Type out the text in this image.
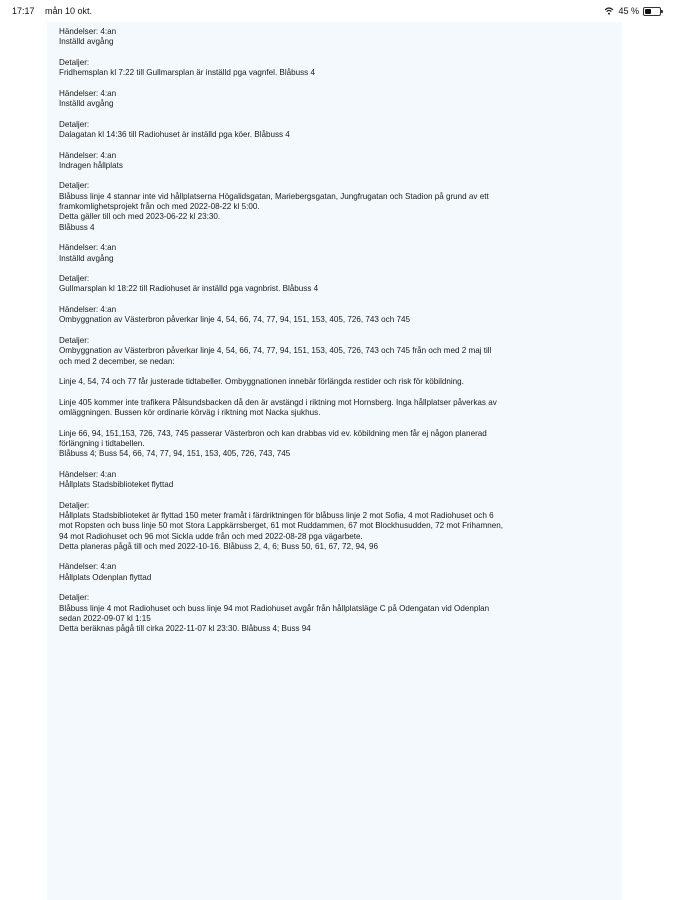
17:17 mån 10 okt.	45 %
Händelser: 4:an
Inställd avgång
Detaljer:
Fridhemsplan kl 7:22 till Gullmarsplan är inställd pga vagnfel. Blåbuss 4
Händelser: 4:an
Inställd avgång
Detaljer:
Dalagatan kl 14:36 till Radiohuset är inställd pga köer. Blåbuss 4
Händelser: 4:an
Indragen hållplats
Detaljer:
Blåbuss linje 4 stannar inte vid hållplatserna Högalidsgatan, Mariebergsgatan, Jungfrugatan och Stadion på grund av ett
framkomlighetsprojekt från och med 2022-08-22 kl 5:00.
Detta gäller till och med 2023-06-22 kl 23:30.
Blåbuss 4
Händelser: 4:an
Inställd avgång
Detaljer:
Gullmarsplan kl 18:22 till Radiohuset är inställd pga vagnbrist. Blåbuss 4
Händelser: 4:an
Ombyggnation av Västerbron påverkar linje 4, 54, 66, 74, 77, 94, 151, 153, 405, 726, 743 och 745
Detaljer:
Ombyggnation av Västerbron påverkar linje 4, 54, 66, 74, 77, 94, 151, 153, 405, 726, 743 och 745 från och med 2 maj till
och med 2 december, se nedan:
Linje 4, 54, 74 och 77 får justerade tidtabeller. Ombyggnationen innebär förlängda restider och risk för köbildning.
Linje 405 kommer inte trafikera Pålsundsbacken då den är avstängd i riktning mot Hornsberg. Inga hållplatser påverkas av
omläggningen. Bussen kör ordinarie körväg i riktning mot Nacka sjukhus.
Linje 66, 94, 151,153, 726, 743, 745 passerar Västerbron och kan drabbas vid ev. köbildning men får ej någon planerad
förlängning i tidtabellen.
Blåbuss 4; Buss 54, 66, 74, 77, 94, 151, 153, 405, 726, 743, 745
Händelser: 4:an
Hållplats Stadsbiblioteket flyttad
Detaljer:
Hållplats Stadsbiblioteket är flyttad 150 meter framåt i färdriktningen för blåbuss linje 2 mot Sofia, 4 mot Radiohuset och 6
mot Ropsten och buss linje 50 mot Stora Lappkärrsberget, 61 mot Ruddammen, 67 mot Blockhusudden, 72 mot Frihamnen,
94 mot Radiohuset och 96 mot Sickla udde från och med 2022-08-28 pga vägarbete.
Detta planeras pågå till och med 2022-10-16. Blåbuss 2, 4, 6; Buss 50, 61, 67, 72, 94, 96
Händelser: 4:an
Hållplats Odenplan flyttad
Detaljer:
Blåbuss linje 4 mot Radiohuset och buss linje 94 mot Radiohuset avgår från hållplatsläge C på Odengatan vid Odenplan
sedan 2022-09-07 kl 1:15
Detta beräknas pågå till cirka 2022-11-07 kl 23:30. Blåbuss 4; Buss 94
